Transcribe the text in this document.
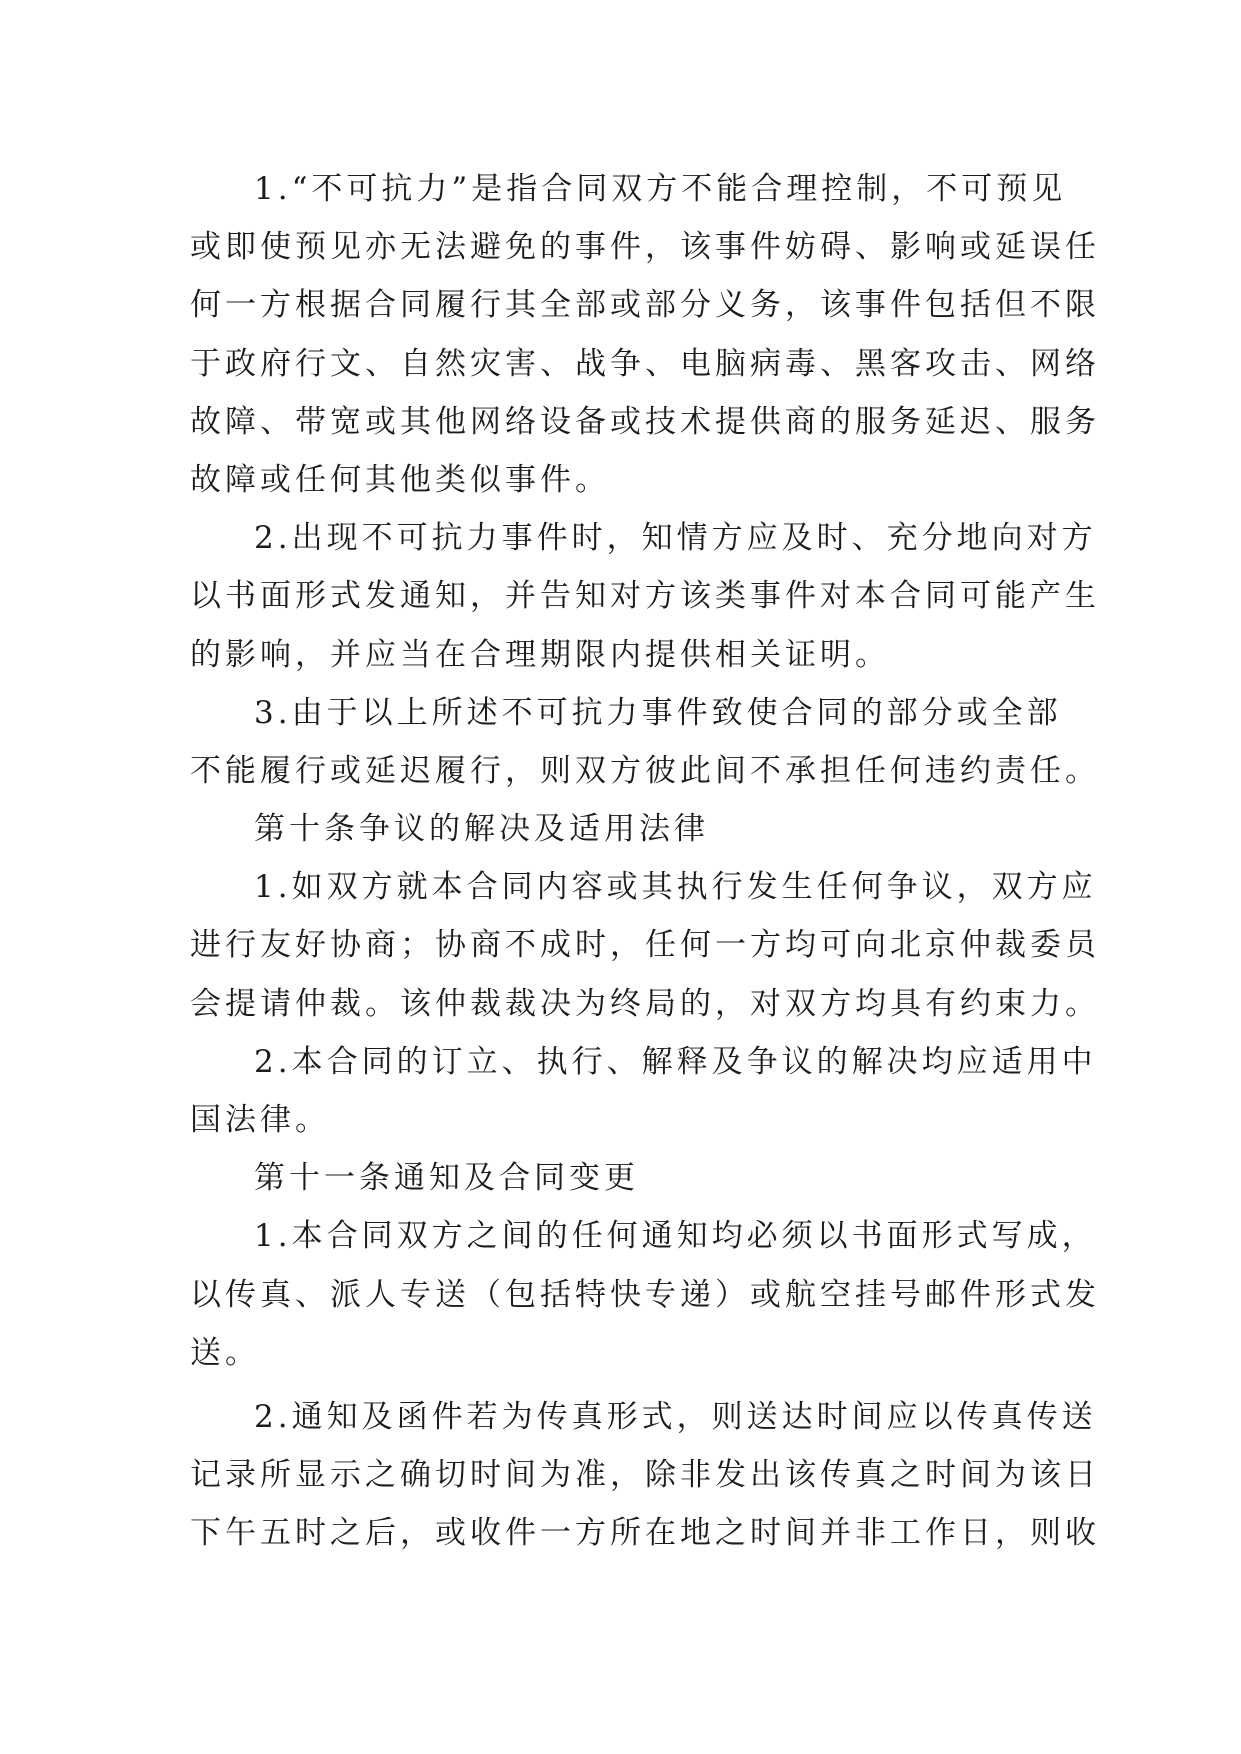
1.“不可抗力”是指合同双方不能合理控制，不可预见
或即使预见亦无法避免的事件，该事件妨碍、影响或延误任
何一方根据合同履行其全部或部分义务，该事件包括但不限
于政府行文、自然灾害、战争、电脑病毒、黑客攻击、网络
故障、带宽或其他网络设备或技术提供商的服务延迟、服务
故障或任何其他类似事件。
2.出现不可抗力事件时，知情方应及时、充分地向对方
以书面形式发通知，并告知对方该类事件对本合同可能产生
的影响，并应当在合理期限内提供相关证明。
3.由于以上所述不可抗力事件致使合同的部分或全部
不能履行或延迟履行，则双方彼此间不承担任何违约责任。
第十条争议的解决及适用法律
1.如双方就本合同内容或其执行发生任何争议，双方应
进行友好协商；协商不成时，任何一方均可向北京仲裁委员
会提请仲裁。该仲裁裁决为终局的，对双方均具有约束力。
2.本合同的订立、执行、解释及争议的解决均应适用中
国法律。
第十一条通知及合同变更
1.本合同双方之间的任何通知均必须以书面形式写成，
以传真、派人专送（包括特快专递）或航空挂号邮件形式发
送。
2.通知及函件若为传真形式，则送达时间应以传真传送
记录所显示之确切时间为准，除非发出该传真之时间为该日
下午五时之后，或收件一方所在地之时间并非工作日，则收
